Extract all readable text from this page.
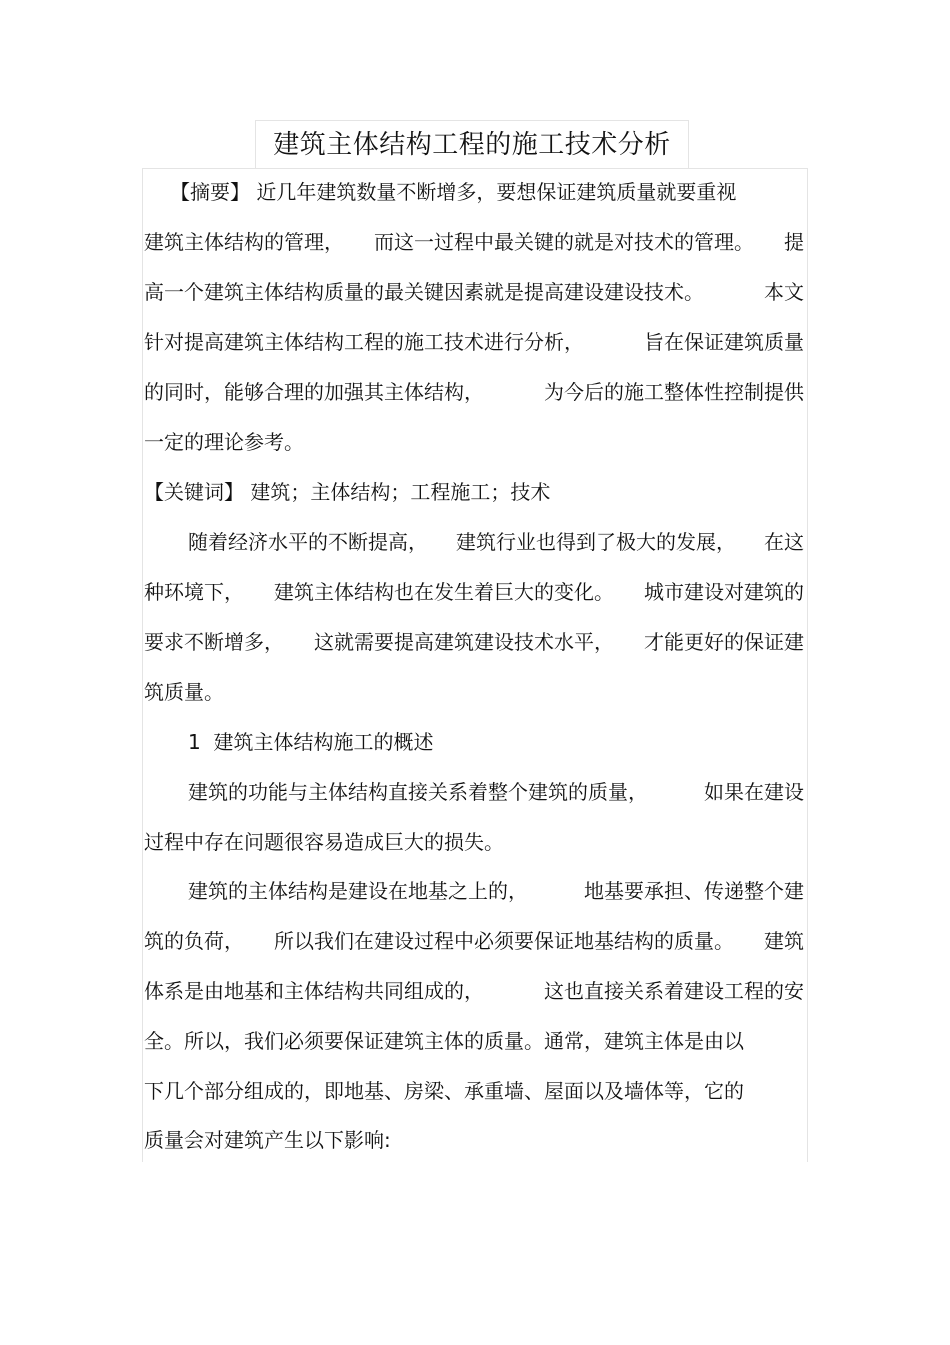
建筑主体结构工程的施工技术分析
【摘要】 近几年建筑数量不断增多，要想保证建筑质量就要重视
建筑主体结构的管理， 而这一过程中最关键的就是对技术的管理。 提
高一个建筑主体结构质量的最关键因素就是提高建设建设技术。	本文
针对提高建筑主体结构工程的施工技术进行分析，	旨在保证建筑质量
的同时，能够合理的加强其主体结构，	为今后的施工整体性控制提供
一定的理论参考。
【关键词】 建筑；主体结构；工程施工；技术
随着经济水平的不断提高， 建筑行业也得到了极大的发展， 在这
种环境下， 建筑主体结构也在发生着巨大的变化。 城市建设对建筑的
要求不断增多， 这就需要提高建筑建设技术水平， 才能更好的保证建
筑质量。
1  建筑主体结构施工的概述
建筑的功能与主体结构直接关系着整个建筑的质量，	如果在建设
过程中存在问题很容易造成巨大的损失。
建筑的主体结构是建设在地基之上的，	地基要承担、传递整个建
筑的负荷， 所以我们在建设过程中必须要保证地基结构的质量。 建筑
体系是由地基和主体结构共同组成的，	这也直接关系着建设工程的安
全。所以，我们必须要保证建筑主体的质量。通常，建筑主体是由以
下几个部分组成的，即地基、房梁、承重墙、屋面以及墙体等，它的
质量会对建筑产生以下影响:
